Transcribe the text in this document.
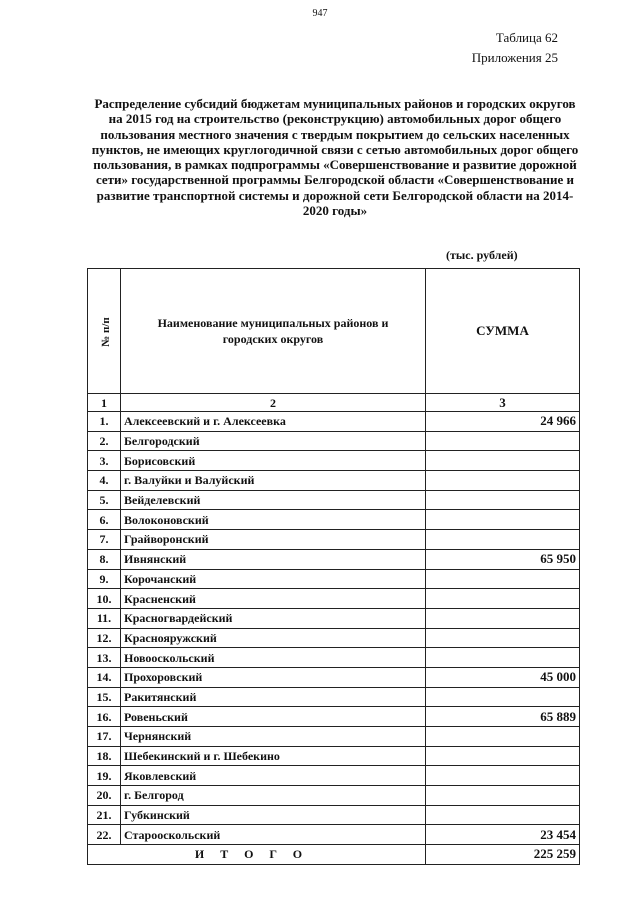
947
Таблица 62
Приложения 25
Распределение субсидий бюджетам муниципальных районов и городских округов на 2015 год на строительство (реконструкцию) автомобильных дорог общего пользования местного значения с твердым покрытием до сельских населенных пунктов, не имеющих круглогодичной связи с сетью автомобильных дорог общего пользования, в рамках подпрограммы «Совершенствование и развитие дорожной сети» государственной программы Белгородской области «Совершенствование и развитие транспортной системы и дорожной сети Белгородской области на 2014-2020 годы»
(тыс. рублей)
№ п/п	Наименование муниципальных районов и городских округов	СУММА
1	2	3
1.	Алексеевский и г. Алексеевка	24 966
2.	Белгородский	
3.	Борисовский	
4.	г. Валуйки и Валуйский	
5.	Вейделевский	
6.	Волоконовский	
7.	Грайворонский	
8.	Ивнянский	65 950
9.	Корочанский	
10.	Красненский	
11.	Красногвардейский	
12.	Краснояружский	
13.	Новооскольский	
14.	Прохоровский	45 000
15.	Ракитянский	
16.	Ровеньский	65 889
17.	Чернянский	
18.	Шебекинский и г. Шебекино	
19.	Яковлевский	
20.	г. Белгород	
21.	Губкинский	
22.	Старооскольский	23 454
ИТОГО		225 259
